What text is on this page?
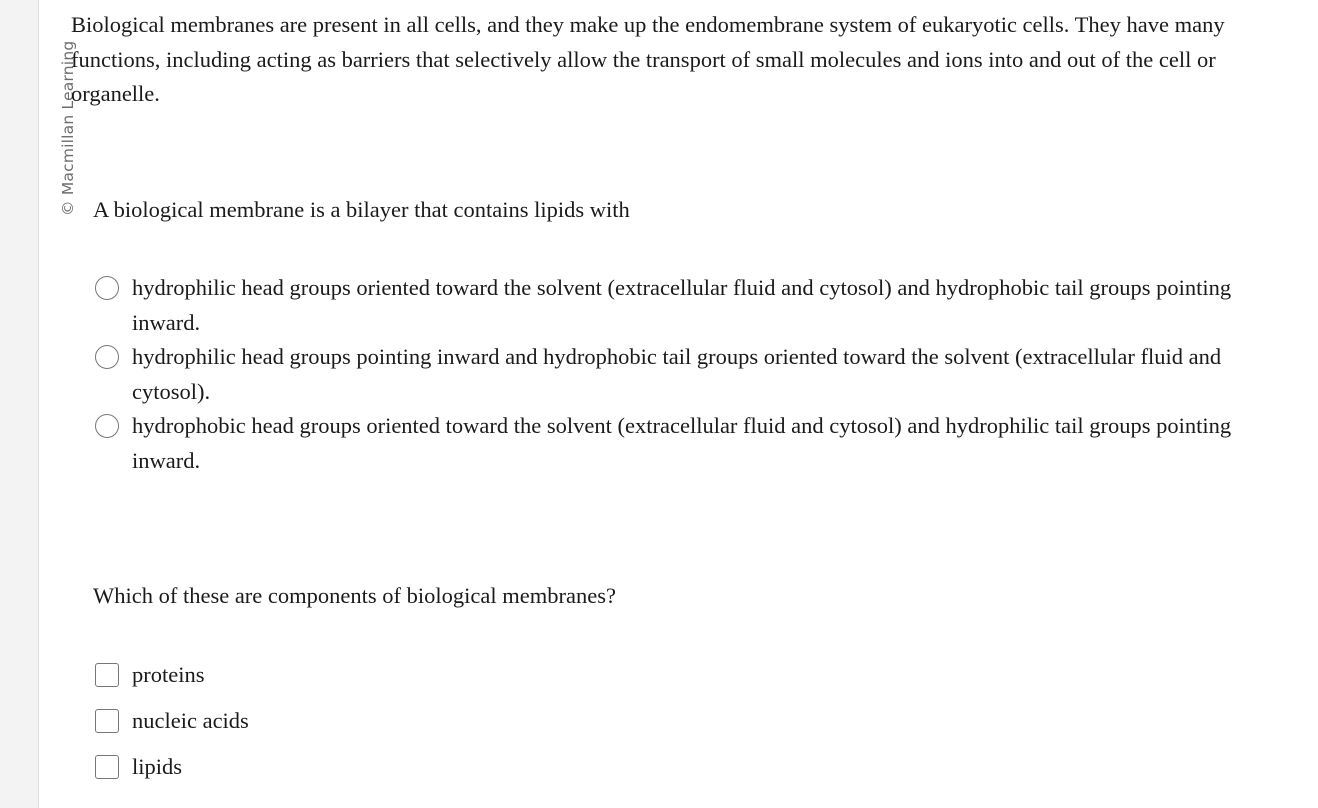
© Macmillan Learning

Biological membranes are present in all cells, and they make up the endomembrane system of eukaryotic cells. They have many functions, including acting as barriers that selectively allow the transport of small molecules and ions into and out of the cell or organelle.

A biological membrane is a bilayer that contains lipids with
hydrophilic head groups oriented toward the solvent (extracellular fluid and cytosol) and hydrophobic tail groups pointing inward.
hydrophilic head groups pointing inward and hydrophobic tail groups oriented toward the solvent (extracellular fluid and cytosol).
hydrophobic head groups oriented toward the solvent (extracellular fluid and cytosol) and hydrophilic tail groups pointing inward.
Which of these are components of biological membranes?
proteins
nucleic acids
lipids
